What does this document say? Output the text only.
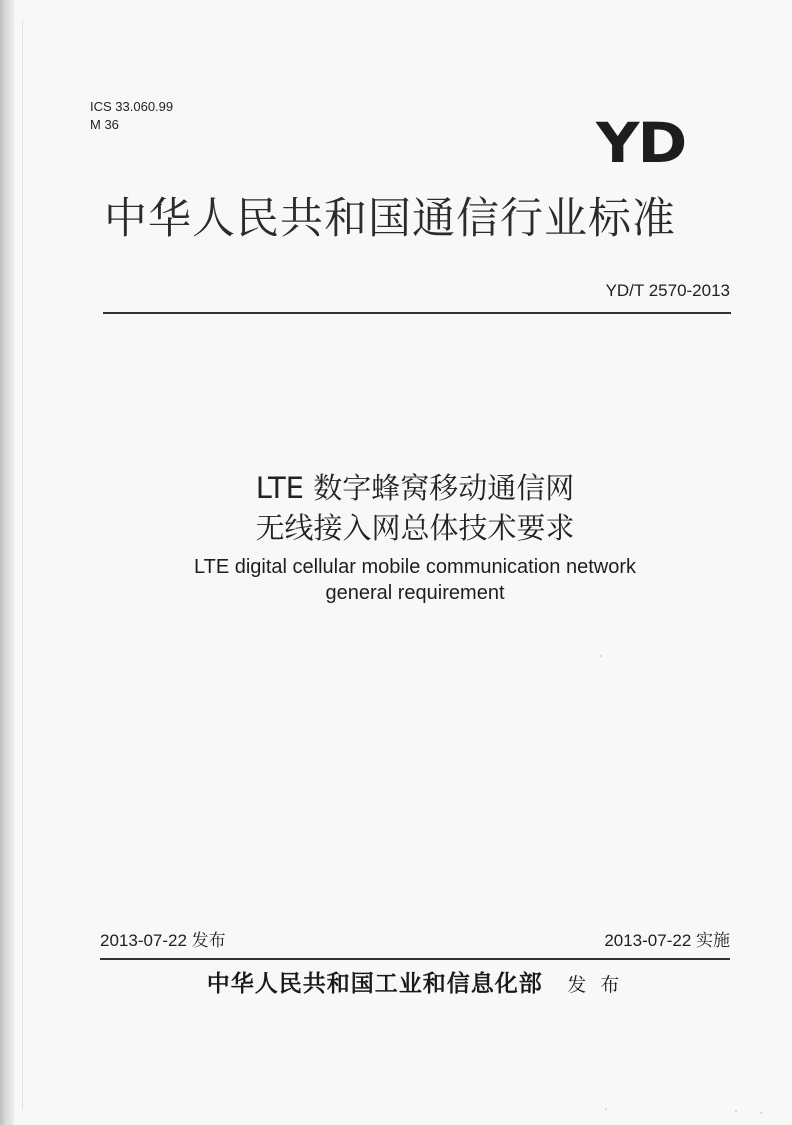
ICS 33.060.99
M 36	YD
中华人民共和国通信行业标准
YD/T 2570-2013
LTE 数字蜂窝移动通信网
无线接入网总体技术要求
LTE digital cellular mobile communication network
general requirement
2013-07-22 发布	2013-07-22 实施
中华人民共和国工业和信息化部 发 布
